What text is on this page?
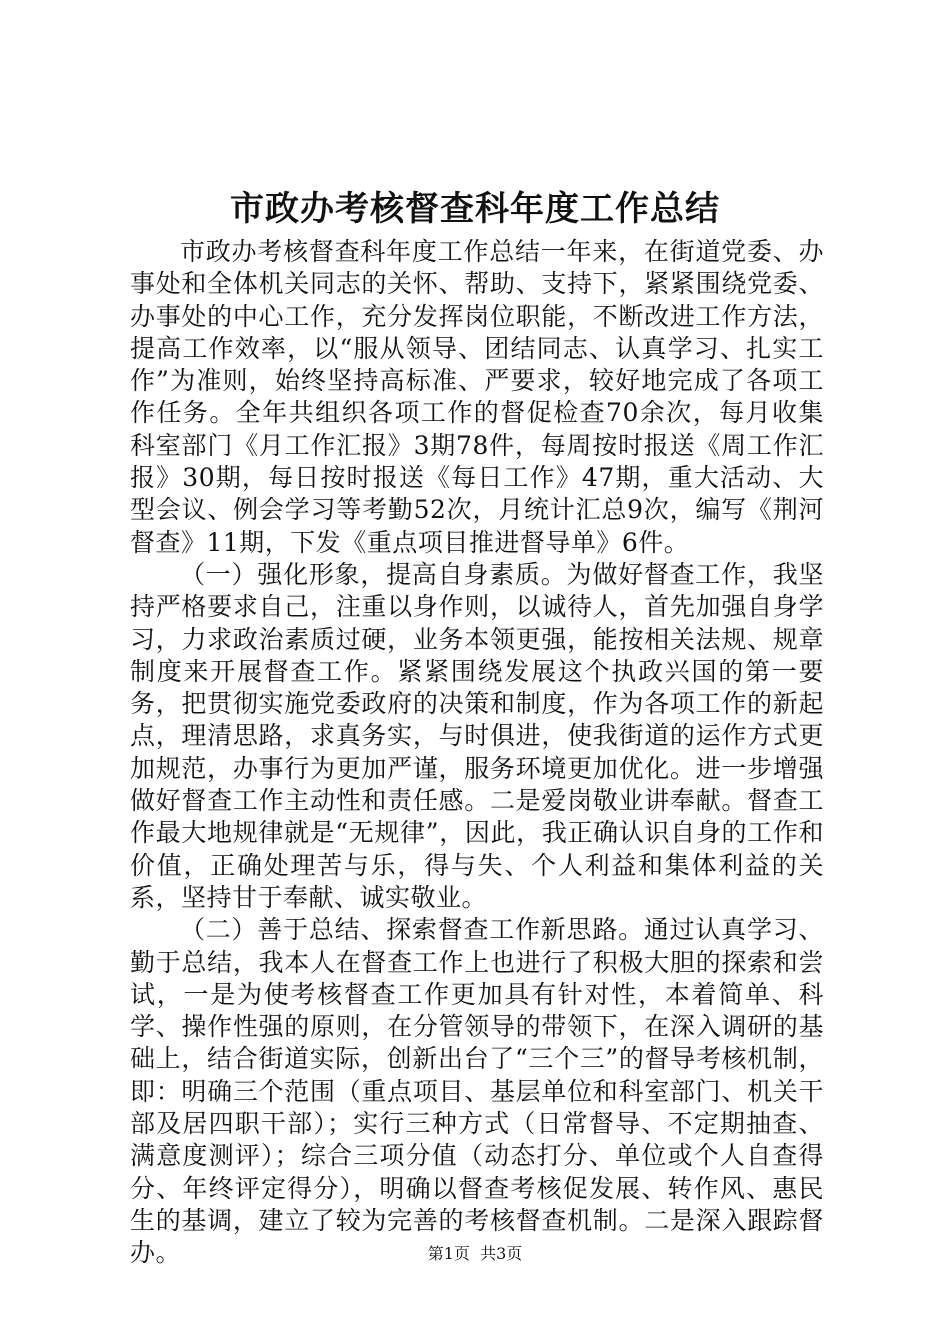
市政办考核督查科年度工作总结

市政办考核督查科年度工作总结一年来，在街道党委、办事处和全体机关同志的关怀、帮助、支持下，紧紧围绕党委、办事处的中心工作，充分发挥岗位职能，不断改进工作方法，提高工作效率，以“服从领导、团结同志、认真学习、扎实工作”为准则，始终坚持高标准、严要求，较好地完成了各项工作任务。全年共组织各项工作的督促检查70余次，每月收集科室部门《月工作汇报》3期78件，每周按时报送《周工作汇报》30期，每日按时报送《每日工作》47期，重大活动、大型会议、例会学习等考勤52次，月统计汇总9次，编写《荆河督查》11期，下发《重点项目推进督导单》6件。

（一）强化形象，提高自身素质。为做好督查工作，我坚持严格要求自己，注重以身作则，以诚待人，首先加强自身学习，力求政治素质过硬，业务本领更强，能按相关法规、规章制度来开展督查工作。紧紧围绕发展这个执政兴国的第一要务，把贯彻实施党委政府的决策和制度，作为各项工作的新起点，理清思路，求真务实，与时俱进，使我街道的运作方式更加规范，办事行为更加严谨，服务环境更加优化。进一步增强做好督查工作主动性和责任感。二是爱岗敬业讲奉献。督查工作最大地规律就是“无规律”，因此，我正确认识自身的工作和价值，正确处理苦与乐，得与失、个人利益和集体利益的关系，坚持甘于奉献、诚实敬业。

（二）善于总结、探索督查工作新思路。通过认真学习、勤于总结，我本人在督查工作上也进行了积极大胆的探索和尝试，一是为使考核督查工作更加具有针对性，本着简单、科学、操作性强的原则，在分管领导的带领下，在深入调研的基础上，结合街道实际，创新出台了“三个三”的督导考核机制，即：明确三个范围（重点项目、基层单位和科室部门、机关干部及居四职干部）；实行三种方式（日常督导、不定期抽查、满意度测评）；综合三项分值（动态打分、单位或个人自查得分、年终评定得分），明确以督查考核促发展、转作风、惠民生的基调，建立了较为完善的考核督查机制。二是深入跟踪督办。	第1页  共3页
